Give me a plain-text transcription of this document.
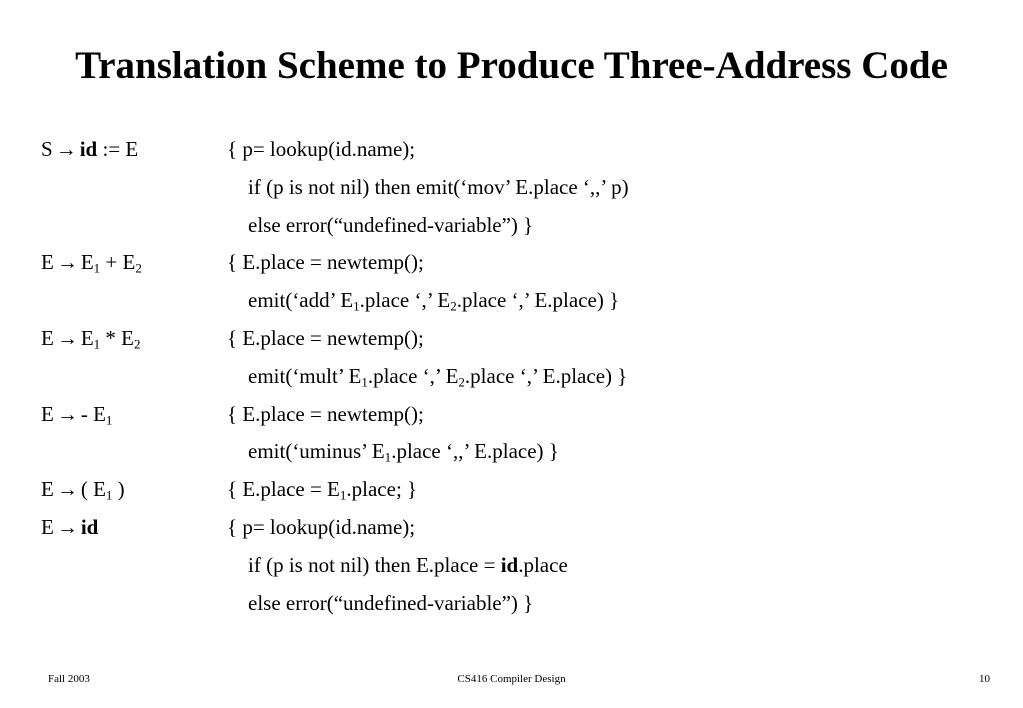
Translation Scheme to Produce Three-Address Code
S → id := E	{ p= lookup(id.name);
if (p is not nil) then emit(‘mov’ E.place ‘,,’ p)
else error(“undefined-variable”) }
$E \to E_1 + E_2$	{ E.place = newtemp();
emit(‘add’ $E_1.place$ ‘,’ $E_2.place$ ‘,’ E.place) }
$E \to E_1 * E_2$	{ E.place = newtemp();
emit(‘mult’ $E_1.place$ ‘,’ $E_2.place$ ‘,’ E.place) }
E → - $E_1$	{ E.place = newtemp();
emit(‘uminus’ $E_1.place$ ‘,,’ E.place) }
E → ( $E_1$ )	{ E.place = $E_1.place$; }
E → id	{ p= lookup(id.name);
if (p is not nil) then E.place = id.place
else error(“undefined-variable”) }
Fall 2003	CS416 Compiler Design	10
